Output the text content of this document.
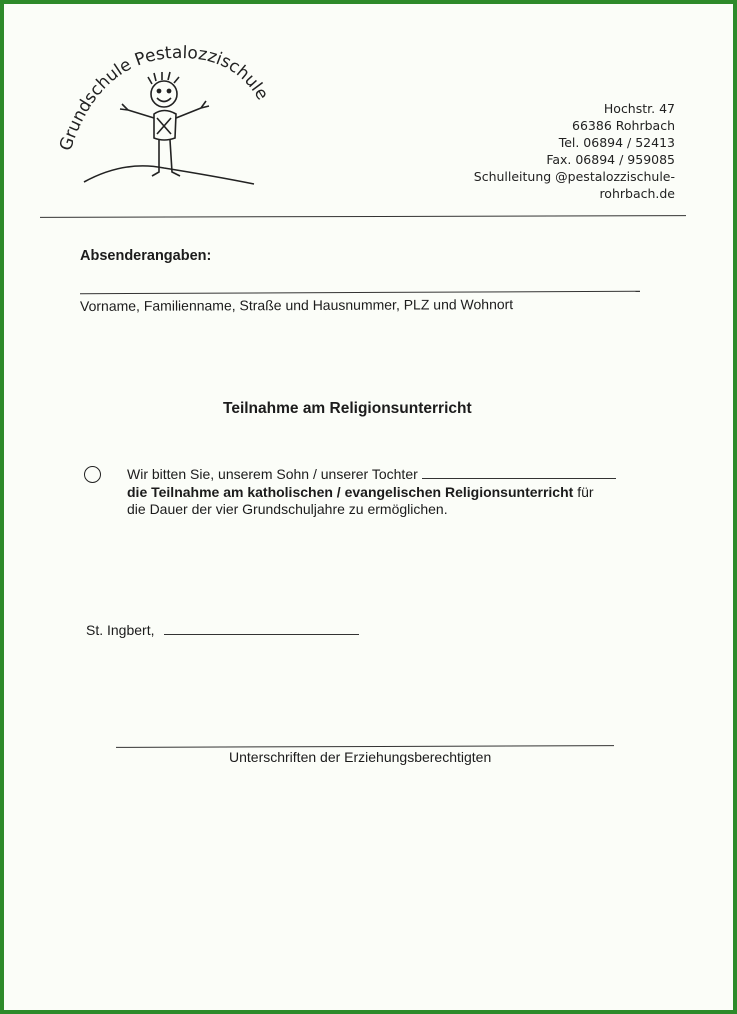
Grundschule Pestalozzischule
Hochstr. 47
66386 Rohrbach
Tel. 06894 / 52413
Fax. 06894 / 959085
Schulleitung @pestalozzischule-
rohrbach.de
Absenderangaben:
Vorname, Familienname, Straße und Hausnummer, PLZ und Wohnort
Teilnahme am Religionsunterricht
Wir bitten Sie, unserem Sohn / unserer Tochter
die Teilnahme am katholischen / evangelischen Religionsunterricht für
die Dauer der vier Grundschuljahre zu ermöglichen.
St. Ingbert,
Unterschriften der Erziehungsberechtigten
